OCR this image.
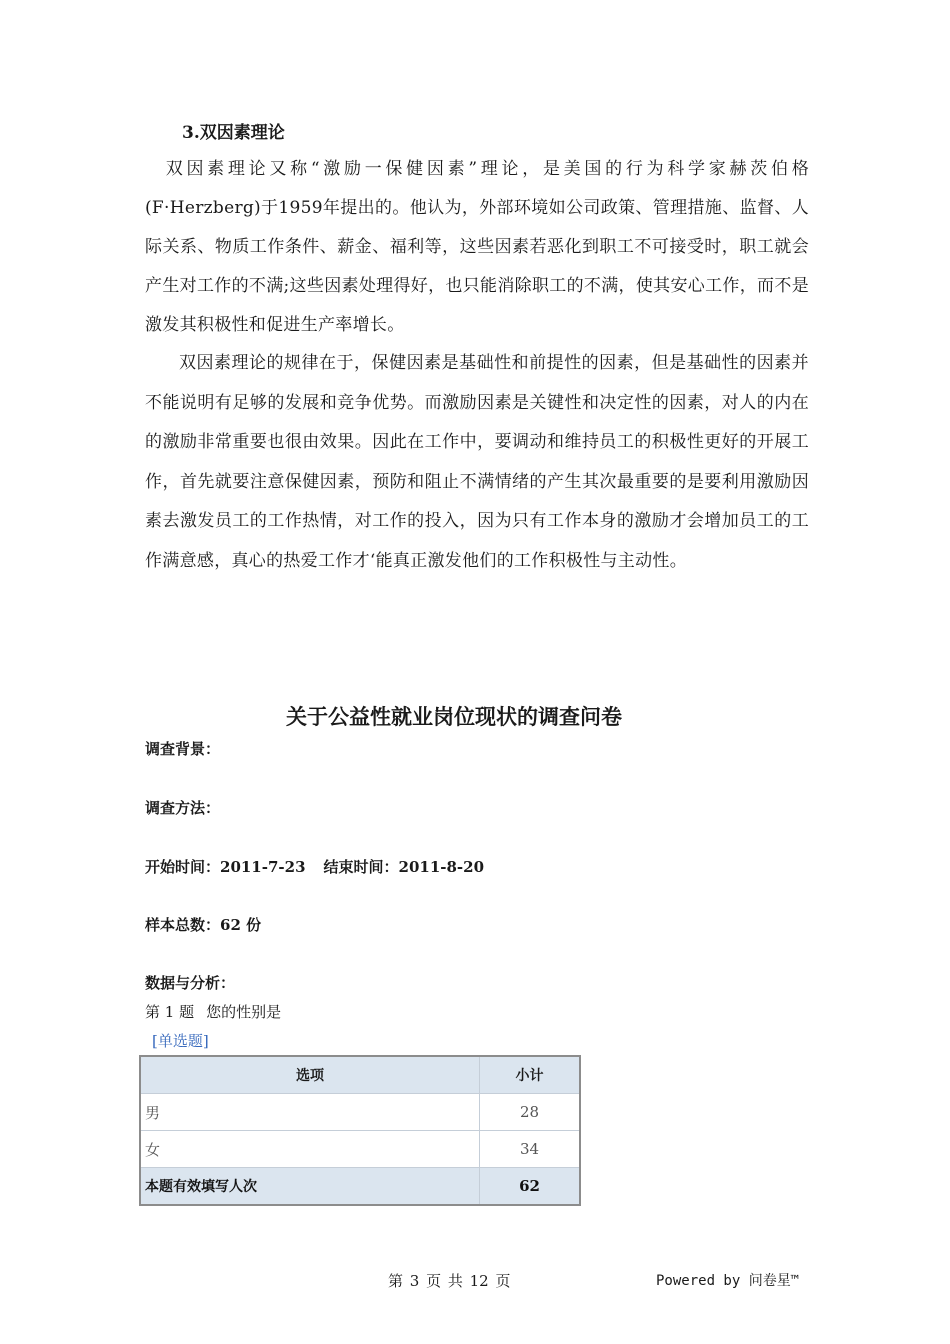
3.双因素理论

　双因素理论又称“激励一保健因素”理论，是美国的行为科学家赫茨伯格(F·Herzberg)于1959年提出的。他认为，外部环境如公司政策、管理措施、监督、人际关系、物质工作条件、薪金、福利等，这些因素若恶化到职工不可接受时，职工就会产生对工作的不满;这些因素处理得好，也只能消除职工的不满，使其安心工作，而不是激发其积极性和促进生产率增长。

双因素理论的规律在于，保健因素是基础性和前提性的因素，但是基础性的因素并不能说明有足够的发展和竞争优势。而激励因素是关键性和决定性的因素，对人的内在的激励非常重要也很由效果。因此在工作中，要调动和维持员工的积极性更好的开展工作，首先就要注意保健因素，预防和阻止不满情绪的产生其次最重要的是要利用激励因素去激发员工的工作热情，对工作的投入，因为只有工作本身的激励才会增加员工的工作满意感，真心的热爱工作才‘能真正激发他们的工作积极性与主动性。

关于公益性就业岗位现状的调查问卷

调查背景：

调查方法：

开始时间：2011-7-23 结束时间：2011-8-20

样本总数：62 份

数据与分析：

第 1 题 您的性别是

[单选题]

选项	小计
男	28
女	34
本题有效填写人次	62

第 3 页 共 12 页	Powered by 问卷星™
